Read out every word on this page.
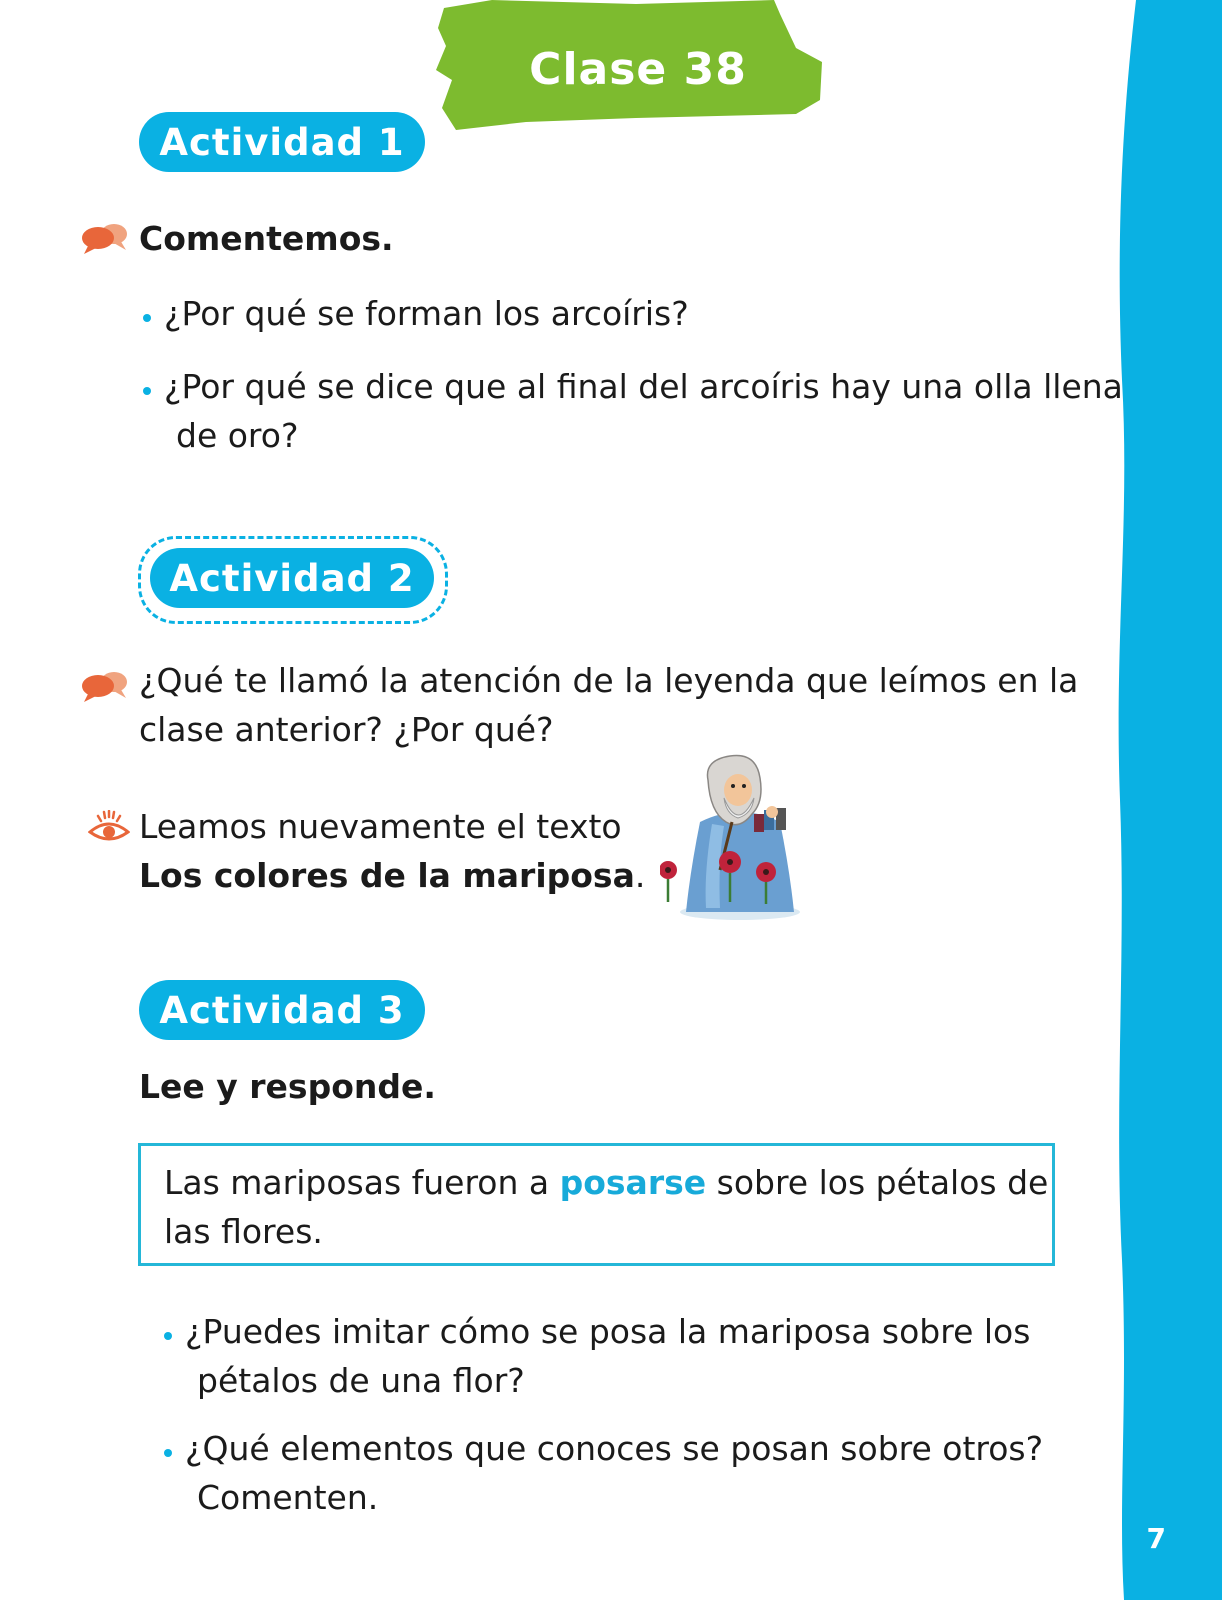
7
Clase 38
Actividad 1
Comentemos.
¿Por qué se forman los arcoíris?
¿Por qué se dice que al final del arcoíris hay una olla llena
de oro?
Actividad 2
¿Qué te llamó la atención de la leyenda que leímos en la
clase anterior? ¿Por qué?
Leamos nuevamente el texto
Los colores de la mariposa.
Actividad 3
Lee y responde.
Las mariposas fueron a posarse sobre los pétalos de
las flores.
¿Puedes imitar cómo se posa la mariposa sobre los
pétalos de una flor?
¿Qué elementos que conoces se posan sobre otros?
Comenten.
